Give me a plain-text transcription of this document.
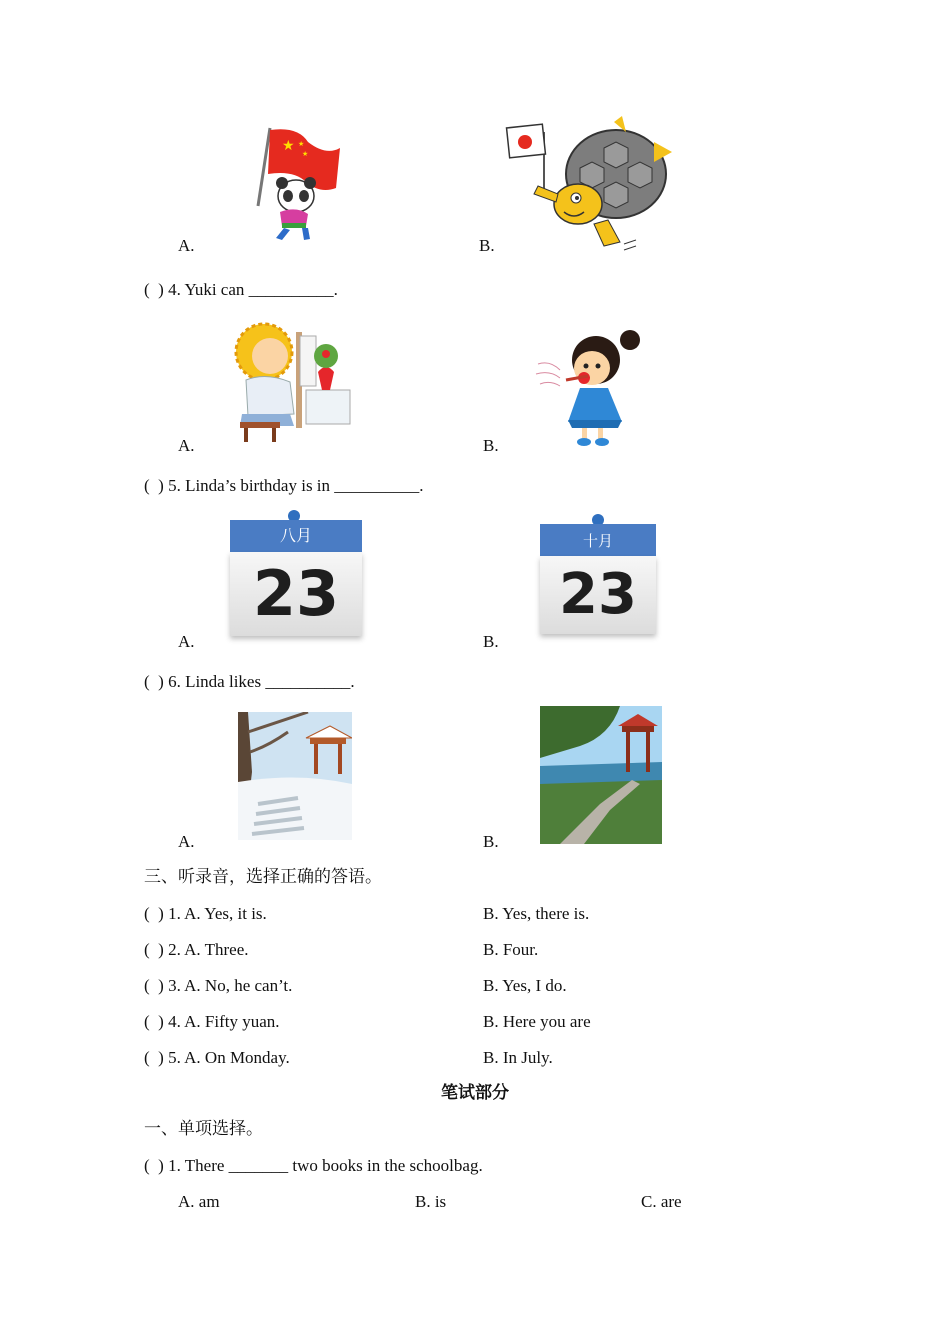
★ ★
★
A.	B.
(  ) 4. Yuki can __________.
A.	B.
(  ) 5. Linda’s birthday is in __________.
八月
23
A.
十月
23
B.
(  ) 6. Linda likes __________.
A.	B.
三、听录音，选择正确的答语。
(  ) 1. A. Yes, it is.	B. Yes, there is.
(  ) 2. A. Three.	B. Four.
(  ) 3. A. No, he can’t.	B. Yes, I do.
(  ) 4. A. Fifty yuan.	B. Here you are
(  ) 5. A. On Monday.	B. In July.
笔试部分
一、单项选择。
(  ) 1. There _______ two books in the schoolbag.
A. am	B. is	C. are
